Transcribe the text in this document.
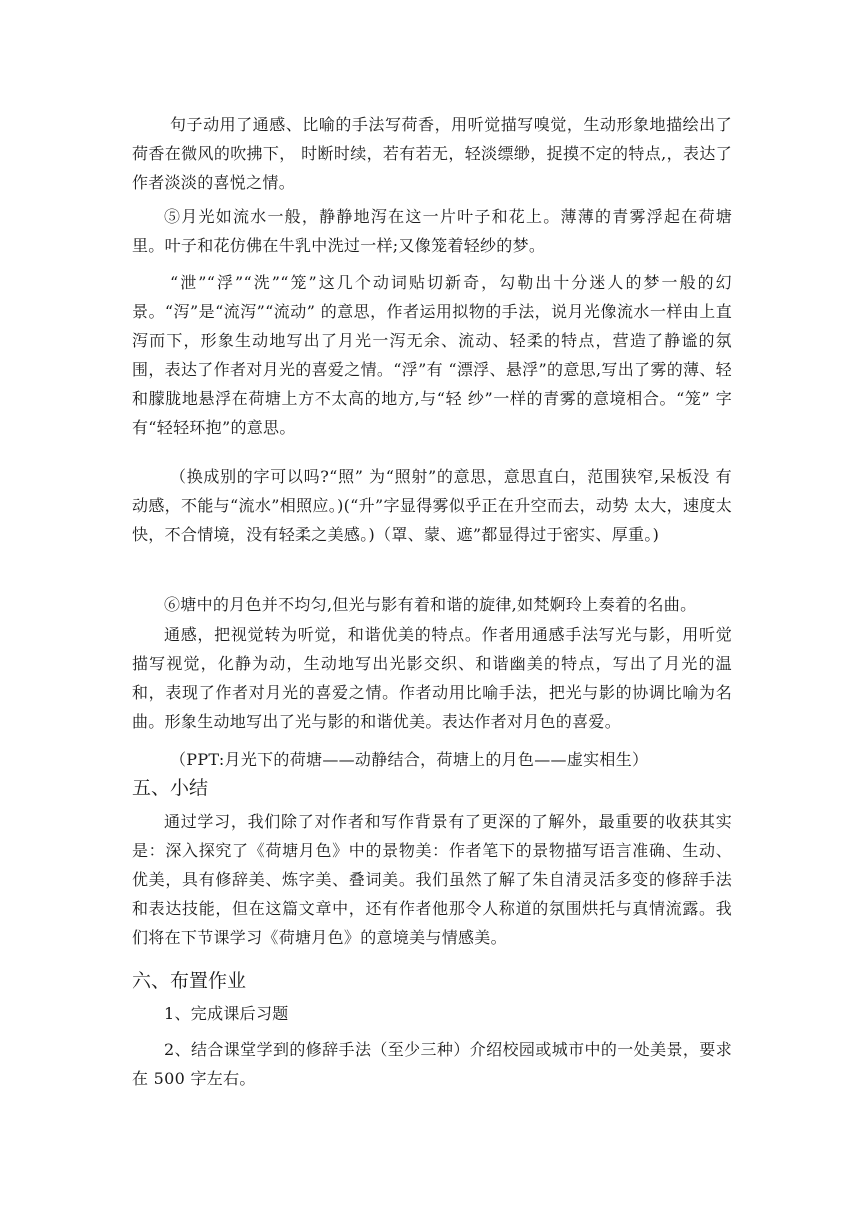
句子动用了通感、比喻的手法写荷香，用听觉描写嗅觉，生动形象地描绘出了荷香在微风的吹拂下， 时断时续，若有若无，轻淡缥缈，捉摸不定的特点,，表达了作者淡淡的喜悦之情。
⑤月光如流水一般，静静地泻在这一片叶子和花上。薄薄的青雾浮起在荷塘里。叶子和花仿佛在牛乳中洗过一样;又像笼着轻纱的梦。
“泄”“浮”“洗”“笼”这几个动词贴切新奇，勾勒出十分迷人的梦一般的幻景。“泻”是“流泻”“流动” 的意思，作者运用拟物的手法，说月光像流水一样由上直泻而下，形象生动地写出了月光一泻无余、流动、轻柔的特点，营造了静谧的氛围，表达了作者对月光的喜爱之情。“浮”有 “漂浮、悬浮”的意思,写出了雾的薄、轻和朦胧地悬浮在荷塘上方不太高的地方,与“轻 纱”一样的青雾的意境相合。“笼” 字有“轻轻环抱”的意思。
（换成别的字可以吗?“照” 为“照射”的意思，意思直白，范围狭窄,呆板没 有动感，不能与“流水”相照应。)(“升”字显得雾似乎正在升空而去，动势 太大，速度太快，不合情境，没有轻柔之美感。)（罩、蒙、遮”都显得过于密实、厚重。)
⑥塘中的月色并不均匀,但光与影有着和谐的旋律,如梵婀玲上奏着的名曲。
通感，把视觉转为听觉，和谐优美的特点。作者用通感手法写光与影，用听觉描写视觉，化静为动，生动地写出光影交织、和谐幽美的特点，写出了月光的温和，表现了作者对月光的喜爱之情。作者动用比喻手法，把光与影的协调比喻为名曲。形象生动地写出了光与影的和谐优美。表达作者对月色的喜爱。
（PPT:月光下的荷塘——动静结合，荷塘上的月色——虚实相生）
五、小结
通过学习，我们除了对作者和写作背景有了更深的了解外，最重要的收获其实是：深入探究了《荷塘月色》中的景物美：作者笔下的景物描写语言准确、生动、优美，具有修辞美、炼字美、叠词美。我们虽然了解了朱自清灵活多变的修辞手法和表达技能，但在这篇文章中，还有作者他那令人称道的氛围烘托与真情流露。我们将在下节课学习《荷塘月色》的意境美与情感美。
六、布置作业
1、完成课后习题
2、结合课堂学到的修辞手法（至少三种）介绍校园或城市中的一处美景，要求在 500 字左右。
